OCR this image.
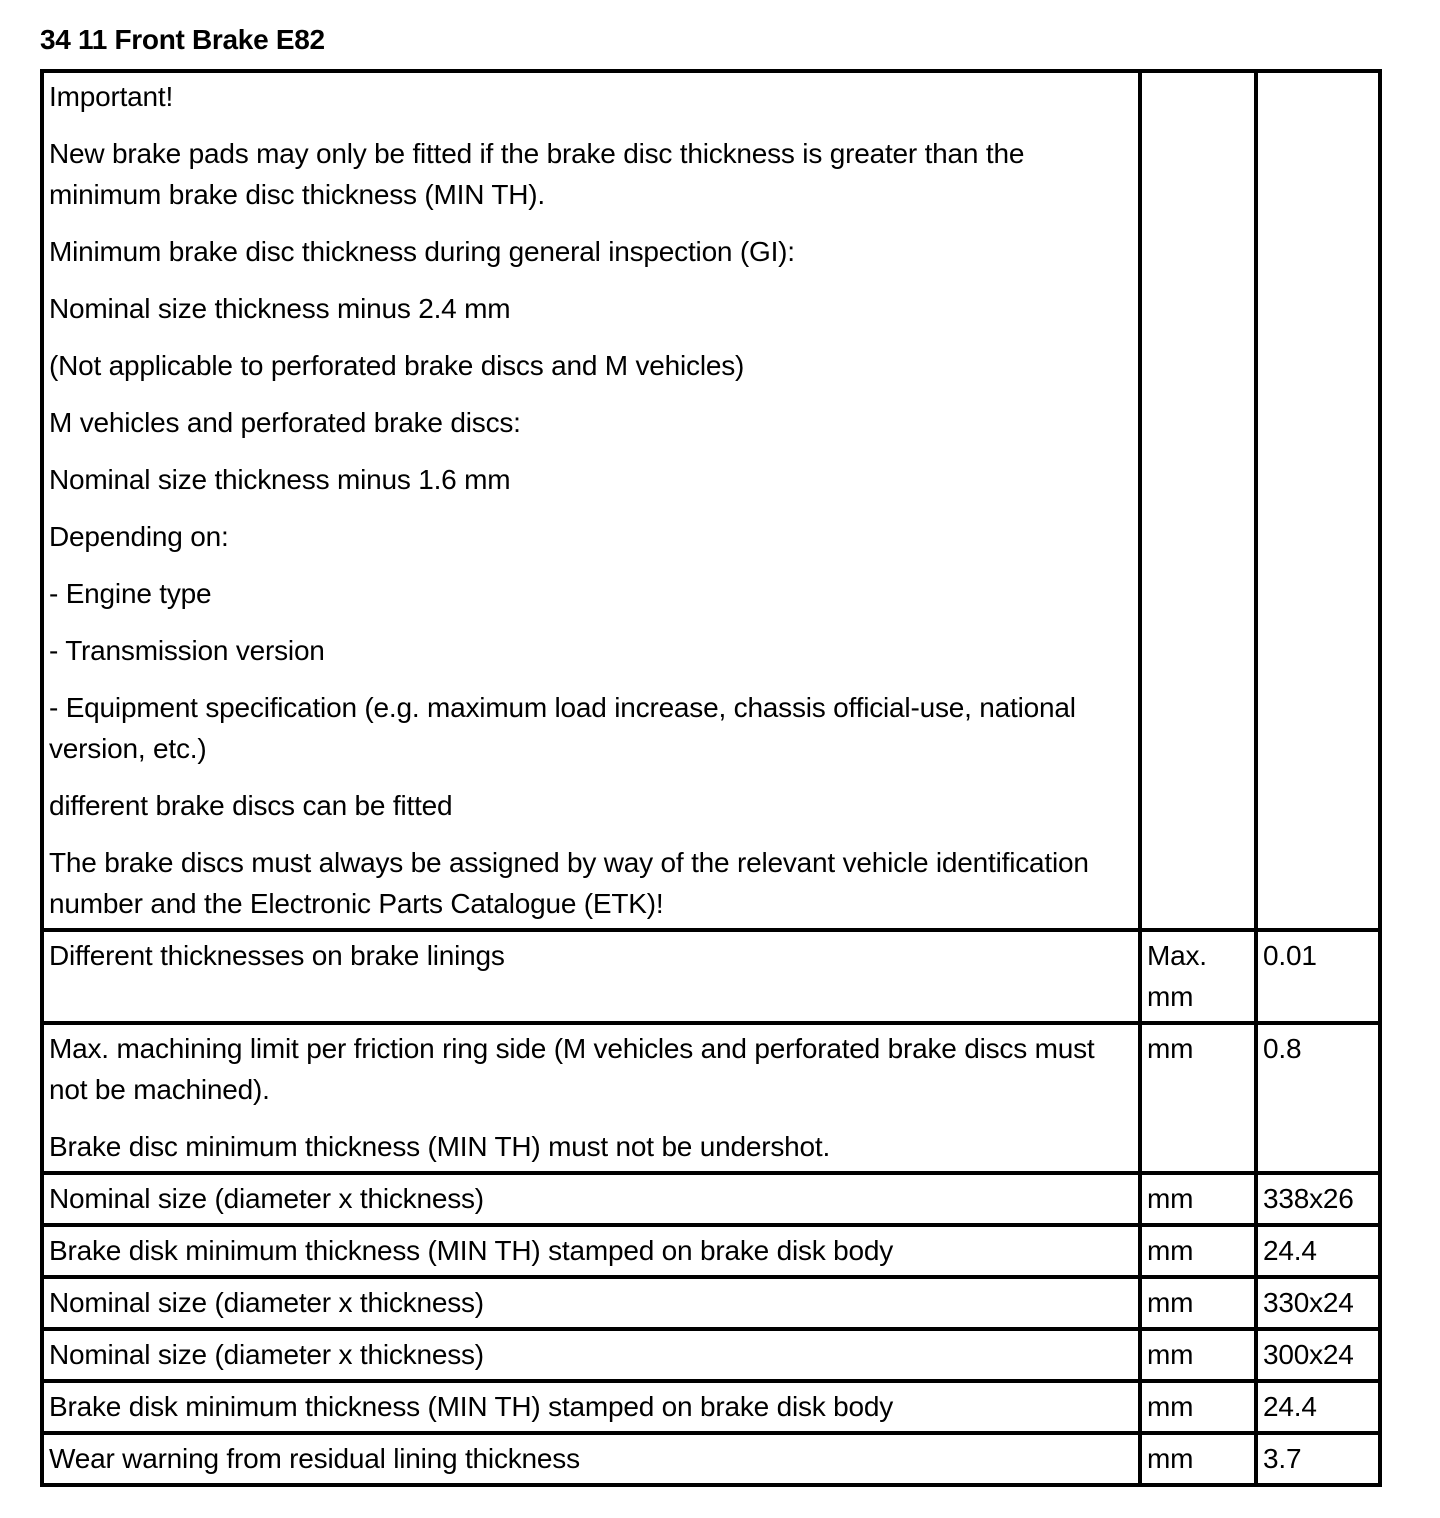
34 11 Front Brake E82
Important!
New brake pads may only be fitted if the brake disc thickness is greater than the minimum brake disc thickness (MIN TH).
Minimum brake disc thickness during general inspection (GI):
Nominal size thickness minus 2.4 mm
(Not applicable to perforated brake discs and M vehicles)
M vehicles and perforated brake discs:
Nominal size thickness minus 1.6 mm
Depending on:
- Engine type
- Transmission version
- Equipment specification (e.g. maximum load increase, chassis official-use, national version, etc.)
different brake discs can be fitted
The brake discs must always be assigned by way of the relevant vehicle identification number and the Electronic Parts Catalogue (ETK)!

Different thicknesses on brake linings	Max. mm	0.01

Max. machining limit per friction ring side (M vehicles and perforated brake discs must not be machined).
Brake disc minimum thickness (MIN TH) must not be undershot.	mm	0.8

Nominal size (diameter x thickness)	mm	338x26

Brake disk minimum thickness (MIN TH) stamped on brake disk body	mm	24.4

Nominal size (diameter x thickness)	mm	330x24

Nominal size (diameter x thickness)	mm	300x24

Brake disk minimum thickness (MIN TH) stamped on brake disk body	mm	24.4

Wear warning from residual lining thickness	mm	3.7
